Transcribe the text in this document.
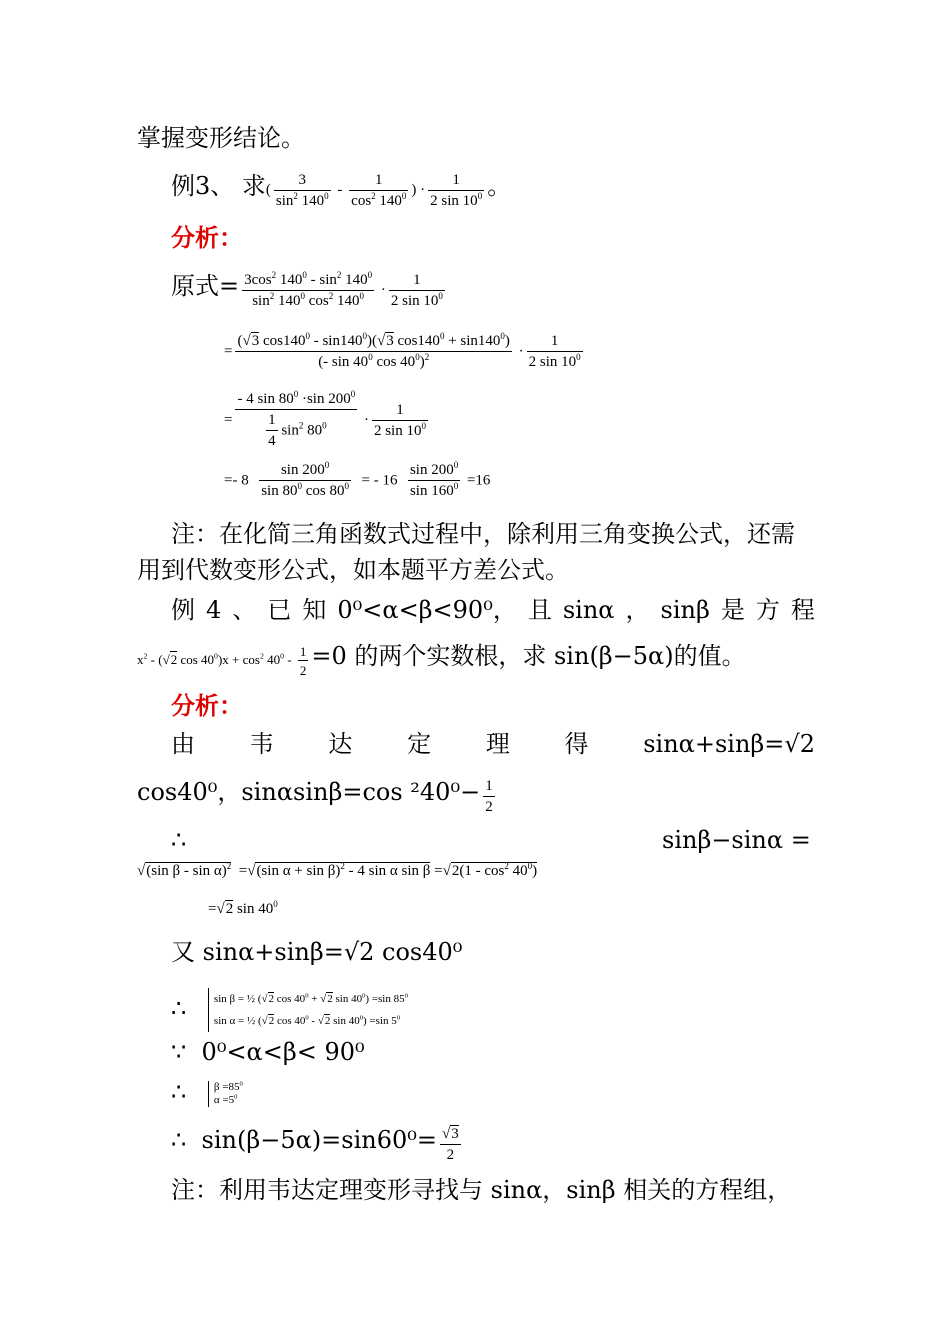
掌握变形结论。
例3、 求( $\frac{3}{\sin^2 140^0} - \frac{1}{\cos^2 140^0}$ ) · $\frac{1}{2 \sin 10^0}$ 。
分析：
原式= $\frac{3\cos^2 140^0 - \sin^2 140^0}{\sin^2 140^0 \cos^2 140^0} \cdot \frac{1}{2 \sin 10^0}$
= $\frac{(√3 \cos 140^0 - \sin 140^0)(√3 \cos 140^0 + \sin 140^0)}{(- \sin 40^0 \cos 40^0)^2} \cdot \frac{1}{2 \sin 10^0}$
= $\frac{- 4 \sin 80^0 \cdot\sin 200^0}{\frac{1}{4} \sin^2 80^0} \cdot \frac{1}{2 \sin 10^0}$
=- $8 \frac{\sin 200^0}{\sin 80^0 \cos 80^0}$ = - $16 \frac{\sin 200^0}{\sin 160^0} =16$
注：在化简三角函数式过程中，除利用三角变换公式，还需
用到代数变形公式，如本题平方差公式。
例 4 、 已 知 0⁰<α<β<90⁰， 且 sinα ， sinβ 是 方 程
$x^2 - (√2$ $\cos 40^0)x + \cos^2 40^0 - \frac{1}{2} =0$ 的两个实数根，求 sin(β−5α)的值。
分析：
由 韦 达 定 理 得 sinα+sinβ=√2
cos40⁰，sinαsinβ=cos $^240^0- \frac{1}{2}$
∴	sinβ−sinα =
√(sin β - sin α)$^2$  =√(sin α + sin β)$^2$ - 4 sin α $\sin \beta =√2(1 - \cos^2 40^0)$
=√2 $\sin 40^0$
又 sinα+sinβ=√2 cos40⁰
∴	sin β = ½ (√2 $\cos 40^0 + √2$ $\sin 40^0) =\sin$ $85^0$
sin α = ½ (√2 $\cos 40^0 - √2$ $\sin 40^0) =\sin$ $5^0$
∵ 0⁰<α<β< 90⁰
∴	$\beta =85^0$
$\alpha =5^0$
∴ $\sin(\beta-5\alpha)=\sin 60^0= \frac{√3}{2}$
注：利用韦达定理变形寻找与 sinα，sinβ 相关的方程组，
